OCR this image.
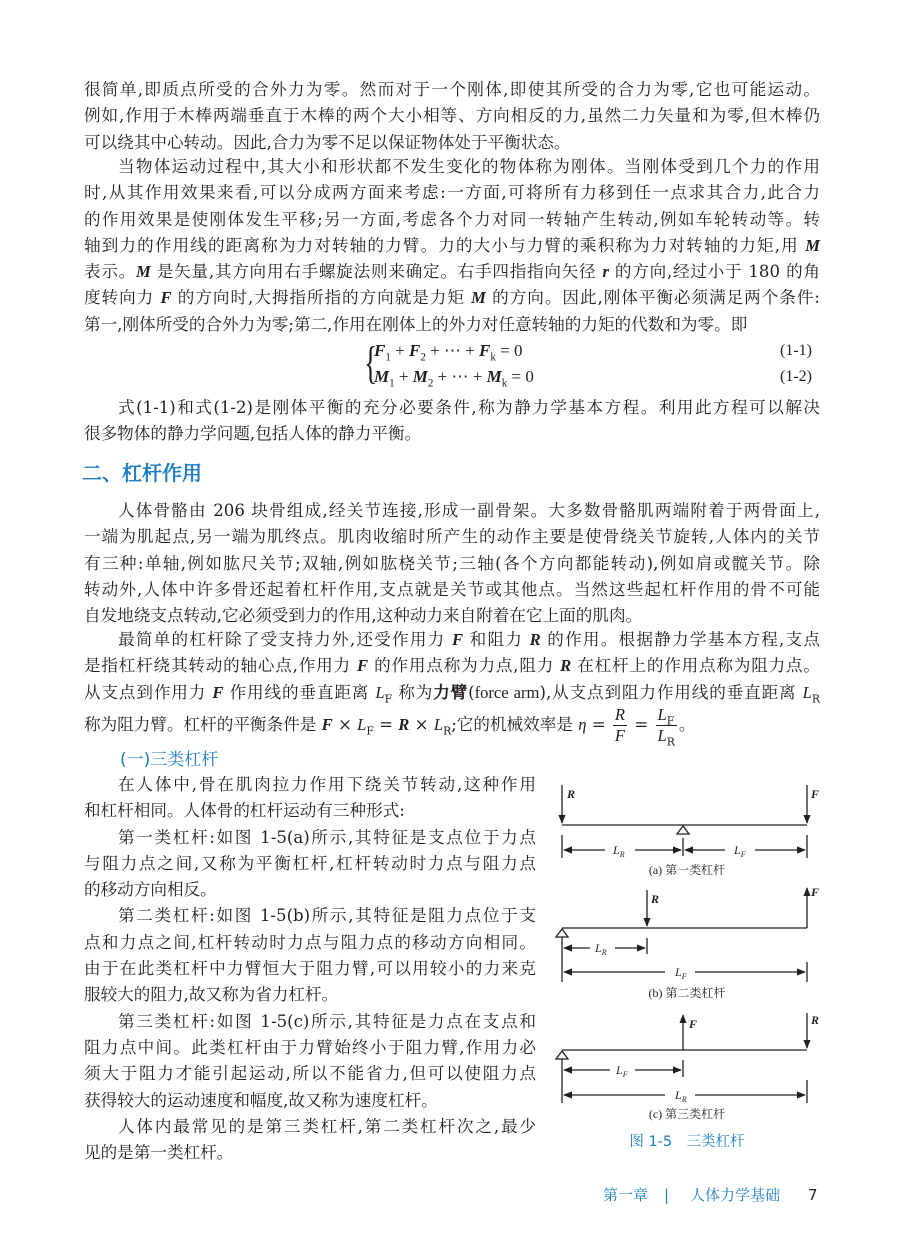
很简单,即质点所受的合外力为零。然而对于一个刚体,即使其所受的合力为零,它也可能运动。
例如,作用于木棒两端垂直于木棒的两个大小相等、方向相反的力,虽然二力矢量和为零,但木棒仍
可以绕其中心转动。因此,合力为零不足以保证物体处于平衡状态。
当物体运动过程中,其大小和形状都不发生变化的物体称为刚体。当刚体受到几个力的作用
时,从其作用效果来看,可以分成两方面来考虑:一方面,可将所有力移到任一点求其合力,此合力
的作用效果是使刚体发生平移;另一方面,考虑各个力对同一转轴产生转动,例如车轮转动等。转
轴到力的作用线的距离称为力对转轴的力臂。力的大小与力臂的乘积称为力对转轴的力矩,用 M
表示。M 是矢量,其方向用右手螺旋法则来确定。右手四指指向矢径 r 的方向,经过小于 180 的角
度转向力 F 的方向时,大拇指所指的方向就是力矩 M 的方向。因此,刚体平衡必须满足两个条件:
第一,刚体所受的合外力为零;第二,作用在刚体上的外力对任意转轴的力矩的代数和为零。即
{
$F_1 + F_2$ + ⋯ + $F_k = 0$
$M_1 + M_2$ + ⋯ + $M_k = 0$
(1-1)
(1-2)
式(1-1)和式(1-2)是刚体平衡的充分必要条件,称为静力学基本方程。利用此方程可以解决
很多物体的静力学问题,包括人体的静力平衡。
二、杠杆作用
人体骨骼由 206 块骨组成,经关节连接,形成一副骨架。大多数骨骼肌两端附着于两骨面上,
一端为肌起点,另一端为肌终点。肌肉收缩时所产生的动作主要是使骨绕关节旋转,人体内的关节
有三种:单轴,例如肱尺关节;双轴,例如肱桡关节;三轴(各个方向都能转动),例如肩或髋关节。除
转动外,人体中许多骨还起着杠杆作用,支点就是关节或其他点。当然这些起杠杆作用的骨不可能
自发地绕支点转动,它必须受到力的作用,这种动力来自附着在它上面的肌肉。
最简单的杠杆除了受支持力外,还受作用力 F 和阻力 R 的作用。根据静力学基本方程,支点
是指杠杆绕其转动的轴心点,作用力 F 的作用点称为力点,阻力 R 在杠杆上的作用点称为阻力点。
从支点到作用力 F 作用线的垂直距离 $L_F$ 称为力臂(force arm),从支点到阻力作用线的垂直距离 $L_R$
称为阻力臂。杠杆的平衡条件是 $F \times L_F = R \times L_R$;它的机械效率是 $\eta = \frac{R}{F} = \frac{L_F}{L_R}$ 。
(一)三类杠杆
在人体中,骨在肌肉拉力作用下绕关节转动,这种作用
和杠杆相同。人体骨的杠杆运动有三种形式:
第一类杠杆:如图 1-5(a)所示,其特征是支点位于力点
与阻力点之间,又称为平衡杠杆,杠杆转动时力点与阻力点
的移动方向相反。
第二类杠杆:如图 1-5(b)所示,其特征是阻力点位于支
点和力点之间,杠杆转动时力点与阻力点的移动方向相同。
由于在此类杠杆中力臂恒大于阻力臂,可以用较小的力来克
服较大的阻力,故又称为省力杠杆。
第三类杠杆:如图 1-5(c)所示,其特征是力点在支点和
阻力点中间。此类杠杆由于力臂始终小于阻力臂,作用力必
须大于阻力才能引起运动,所以不能省力,但可以使阻力点
获得较大的运动速度和幅度,故又称为速度杠杆。
人体内最常见的是第三类杠杆,第二类杠杆次之,最少
见的是第一类杠杆。
R	F
R	F
F	R
$L_R$	$L_F$
$L_R$
$L_F$
$L_F$
$L_R$
(a) 第一类杠杆
(b) 第二类杠杆
(c) 第三类杠杆
图 1-5　三类杠杆
第一章 | 人体力学基础 7
